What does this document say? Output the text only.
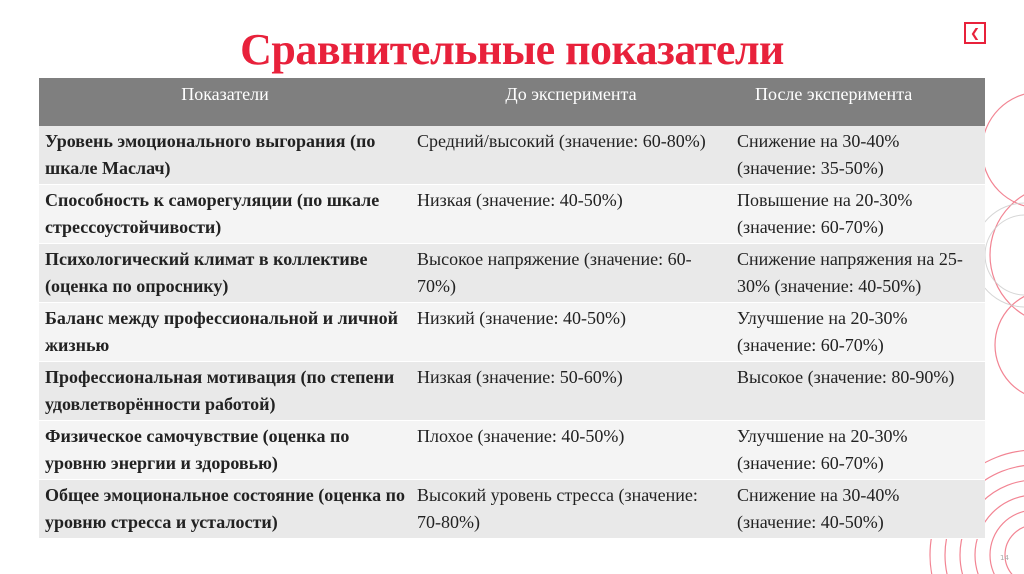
Сравнительные показатели	❮
Показатели	До эксперимента	После эксперимента
Уровень эмоционального выгорания (по шкале Маслач)	Средний/высокий (значение: 60-80%)	Снижение на 30-40% (значение: 35-50%)
Способность к саморегуляции (по шкале стрессоустойчивости)	Низкая (значение: 40-50%)	Повышение на 20-30% (значение: 60-70%)
Психологический климат в коллективе (оценка по опроснику)	Высокое напряжение (значение: 60-70%)	Снижение напряжения на 25-30% (значение: 40-50%)
Баланс между профессиональной и личной жизнью	Низкий (значение: 40-50%)	Улучшение на 20-30% (значение: 60-70%)
Профессиональная мотивация (по степени удовлетворённости работой)	Низкая (значение: 50-60%)	Высокое (значение: 80-90%)
Физическое самочувствие (оценка по уровню энергии и здоровью)	Плохое (значение: 40-50%)	Улучшение на 20-30% (значение: 60-70%)
Общее эмоциональное состояние (оценка по уровню стресса и усталости)	Высокий уровень стресса (значение: 70-80%)	Снижение на 30-40% (значение: 40-50%)
14
